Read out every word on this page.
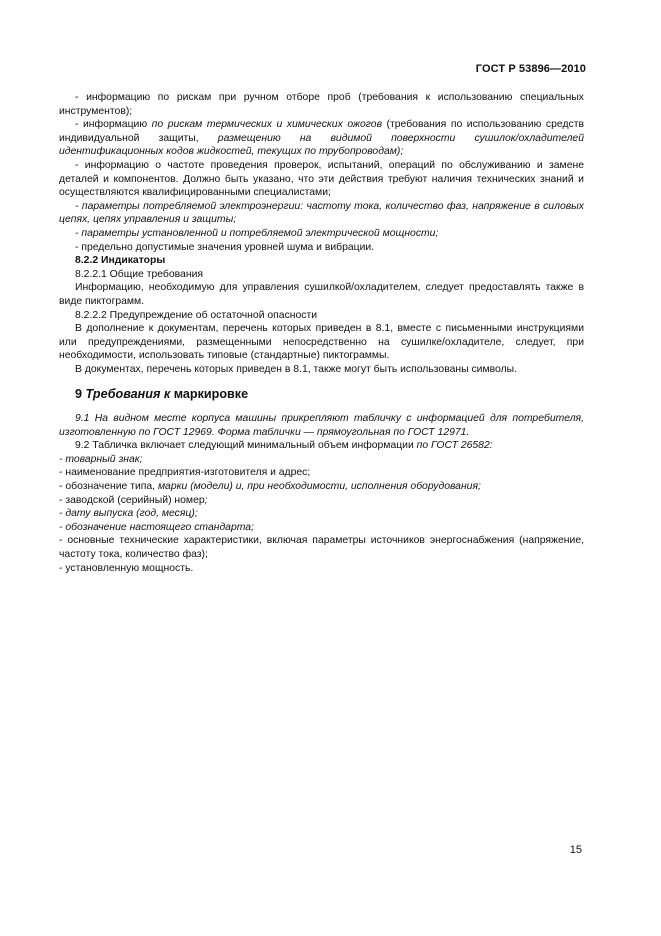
ГОСТ Р 53896—2010

- информацию по рискам при ручном отборе проб (требования к использованию специальных инструментов);

- информацию по рискам термических и химических ожогов (требования по использованию средств индивидуальной защиты, размещению на видимой поверхности сушилок/охладителей идентификационных кодов жидкостей, текущих по трубопроводам);

- информацию о частоте проведения проверок, испытаний, операций по обслуживанию и замене деталей и компонентов. Должно быть указано, что эти действия требуют наличия технических знаний и осуществляются квалифицированными специалистами;

- параметры потребляемой электроэнергии: частоту тока, количество фаз, напряжение в силовых цепях, цепях управления и защиты;

- параметры установленной и потребляемой электрической мощности;

- предельно допустимые значения уровней шума и вибрации.

8.2.2 Индикаторы

8.2.2.1 Общие требования

Информацию, необходимую для управления сушилкой/охладителем, следует предоставлять также в виде пиктограмм.

8.2.2.2 Предупреждение об остаточной опасности

В дополнение к документам, перечень которых приведен в 8.1, вместе с письменными инструкциями или предупреждениями, размещенными непосредственно на сушилке/охладителе, следует, при необходимости, использовать типовые (стандартные) пиктограммы.

В документах, перечень которых приведен в 8.1, также могут быть использованы символы.

9 Требования к маркировке

9.1 На видном месте корпуса машины прикрепляют табличку с информацией для потребителя, изготовленную по ГОСТ 12969. Форма таблички — прямоугольная по ГОСТ 12971.

9.2 Табличка включает следующий минимальный объем информации по ГОСТ 26582:

- товарный знак;

- наименование предприятия-изготовителя и адрес;

- обозначение типа, марки (модели) и, при необходимости, исполнения оборудования;

- заводской (серийный) номер;

- дату выпуска (год, месяц);

- обозначение настоящего стандарта;

- основные технические характеристики, включая параметры источников энергоснабжения (напряжение, частоту тока, количество фаз);

- установленную мощность.

15
